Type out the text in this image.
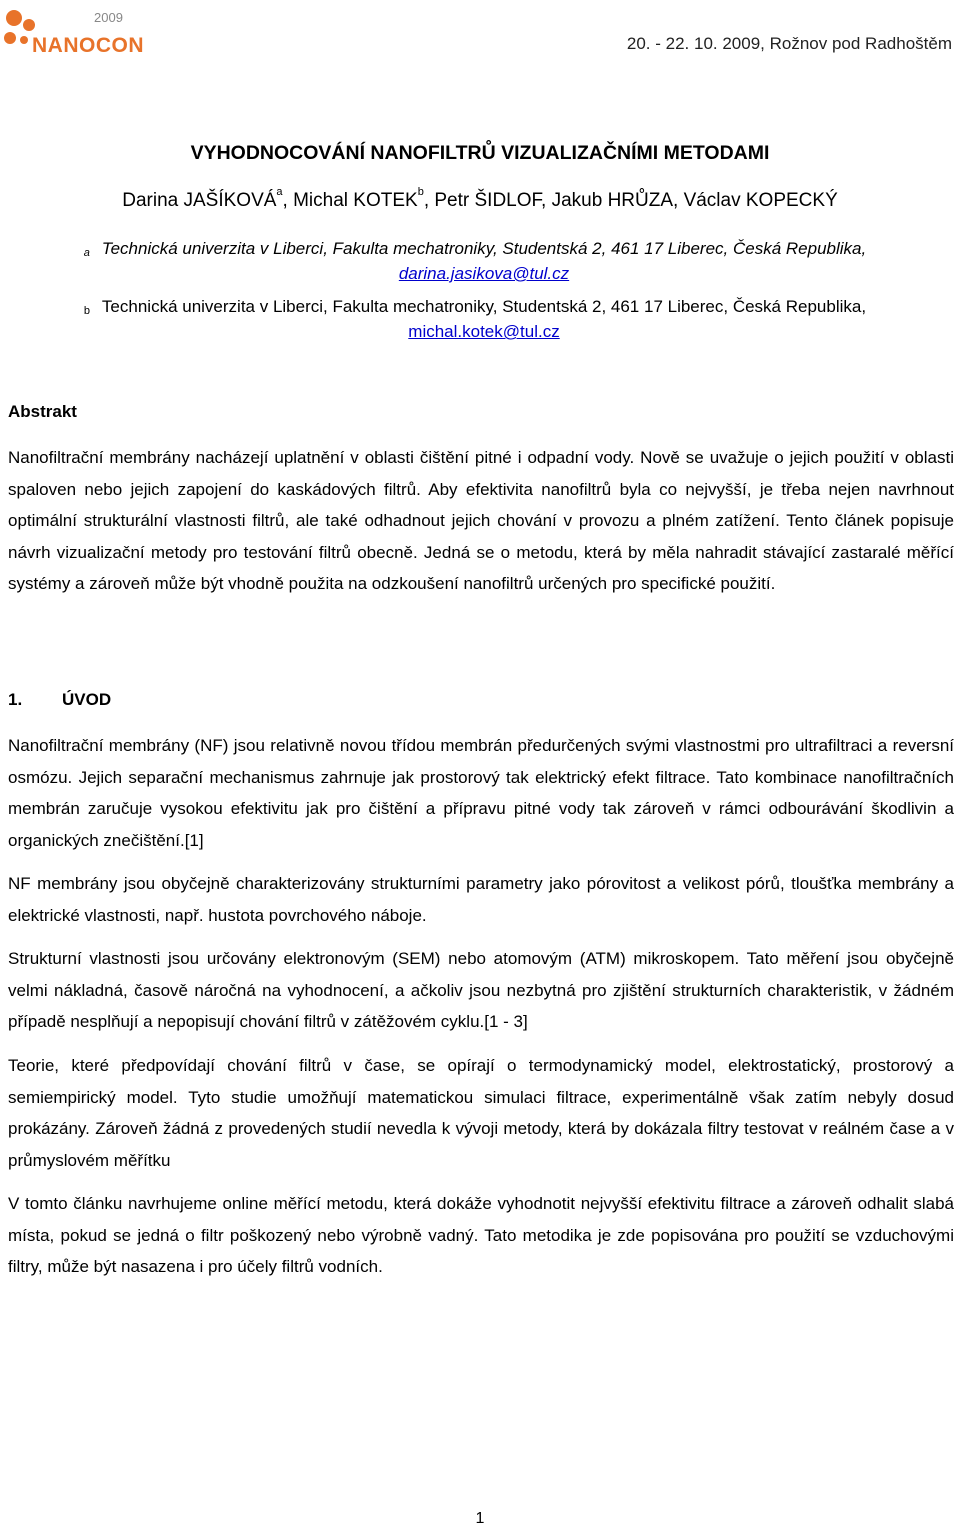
2009
NANOCON	20. - 22. 10. 2009, Rožnov pod Radhoštěm
VYHODNOCOVÁNÍ NANOFILTRŮ VIZUALIZAČNÍMI METODAMI
Darina JAŠÍKOVÁ$^a$, Michal KOTEK$^b$, Petr ŠIDLOF, Jakub HRŮZA, Václav KOPECKÝ
a Technická univerzita v Liberci, Fakulta mechatroniky, Studentská 2, 461 17 Liberec, Česká Republika,
darina.jasikova@tul.cz
b Technická univerzita v Liberci, Fakulta mechatroniky, Studentská 2, 461 17 Liberec, Česká Republika,
michal.kotek@tul.cz
Abstrakt
Nanofiltrační membrány nacházejí uplatnění v oblasti čištění pitné i odpadní vody. Nově se uvažuje o jejich použití v oblasti spaloven nebo jejich zapojení do kaskádových filtrů. Aby efektivita nanofiltrů byla co nejvyšší, je třeba nejen navrhnout optimální strukturální vlastnosti filtrů, ale také odhadnout jejich chování v provozu a plném zatížení. Tento článek popisuje návrh vizualizační metody pro testování filtrů obecně. Jedná se o metodu, která by měla nahradit stávající zastaralé měřící systémy a zároveň může být vhodně použita na odzkoušení nanofiltrů určených pro specifické použití.
1. ÚVOD
Nanofiltrační membrány (NF) jsou relativně novou třídou membrán předurčených svými vlastnostmi pro ultrafiltraci a reversní osmózu. Jejich separační mechanismus zahrnuje jak prostorový tak elektrický efekt filtrace. Tato kombinace nanofiltračních membrán zaručuje vysokou efektivitu jak pro čištění a přípravu pitné vody tak zároveň v rámci odbourávání škodlivin a organických znečištění.[1]
NF membrány jsou obyčejně charakterizovány strukturními parametry jako pórovitost a velikost pórů, tloušťka membrány a elektrické vlastnosti, např. hustota povrchového náboje.
Strukturní vlastnosti jsou určovány elektronovým (SEM) nebo atomovým (ATM) mikroskopem. Tato měření jsou obyčejně velmi nákladná, časově náročná na vyhodnocení, a ačkoliv jsou nezbytná pro zjištění strukturních charakteristik, v žádném případě nesplňují a nepopisují chování filtrů v zátěžovém cyklu.[1 - 3]
Teorie, které předpovídají chování filtrů v čase, se opírají o termodynamický model, elektrostatický, prostorový a semiempirický model. Tyto studie umožňují matematickou simulaci filtrace, experimentálně však zatím nebyly dosud prokázány. Zároveň žádná z provedených studií nevedla k vývoji metody, která by dokázala filtry testovat v reálném čase a v průmyslovém měřítku
V tomto článku navrhujeme online měřící metodu, která dokáže vyhodnotit nejvyšší efektivitu filtrace a zároveň odhalit slabá místa, pokud se jedná o filtr poškozený nebo výrobně vadný. Tato metodika je zde popisována pro použití se vzduchovými filtry, může být nasazena i pro účely filtrů vodních.
1
